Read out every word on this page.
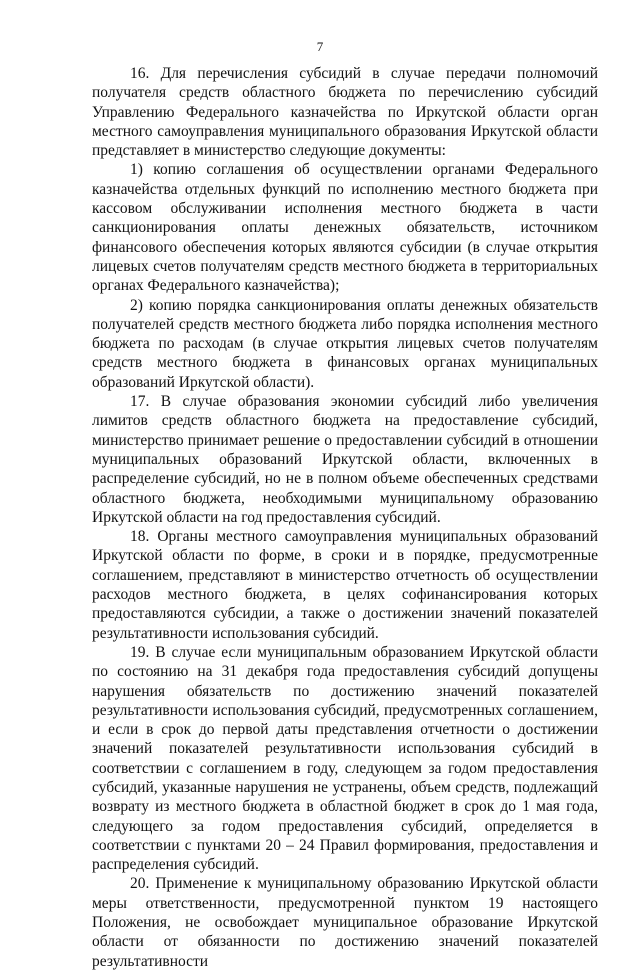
7

16. Для перечисления субсидий в случае передачи полномочий получателя средств областного бюджета по перечислению субсидий Управлению Федерального казначейства по Иркутской области орган местного самоуправления муниципального образования Иркутской области представляет в министерство следующие документы:

1) копию соглашения об осуществлении органами Федерального казначейства отдельных функций по исполнению местного бюджета при кассовом обслуживании исполнения местного бюджета в части санкционирования оплаты денежных обязательств, источником финансового обеспечения которых являются субсидии (в случае открытия лицевых счетов получателям средств местного бюджета в территориальных органах Федерального казначейства);

2) копию порядка санкционирования оплаты денежных обязательств получателей средств местного бюджета либо порядка исполнения местного бюджета по расходам (в случае открытия лицевых счетов получателям средств местного бюджета в финансовых органах муниципальных образований Иркутской области).

17. В случае образования экономии субсидий либо увеличения лимитов средств областного бюджета на предоставление субсидий, министерство принимает решение о предоставлении субсидий в отношении муниципальных образований Иркутской области, включенных в распределение субсидий, но не в полном объеме обеспеченных средствами областного бюджета, необходимыми муниципальному образованию Иркутской области на год предоставления субсидий.

18. Органы местного самоуправления муниципальных образований Иркутской области по форме, в сроки и в порядке, предусмотренные соглашением, представляют в министерство отчетность об осуществлении расходов местного бюджета, в целях софинансирования которых предоставляются субсидии, а также о достижении значений показателей результативности использования субсидий.

19. В случае если муниципальным образованием Иркутской области по состоянию на 31 декабря года предоставления субсидий допущены нарушения обязательств по достижению значений показателей результативности использования субсидий, предусмотренных соглашением, и если в срок до первой даты представления отчетности о достижении значений показателей результативности использования субсидий в соответствии с соглашением в году, следующем за годом предоставления субсидий, указанные нарушения не устранены, объем средств, подлежащий возврату из местного бюджета в областной бюджет в срок до 1 мая года, следующего за годом предоставления субсидий, определяется в соответствии с пунктами 20 – 24 Правил формирования, предоставления и распределения субсидий.

20. Применение к муниципальному образованию Иркутской области меры ответственности, предусмотренной пунктом 19 настоящего Положения, не освобождает муниципальное образование Иркутской области от обязанности по достижению значений показателей результативности
